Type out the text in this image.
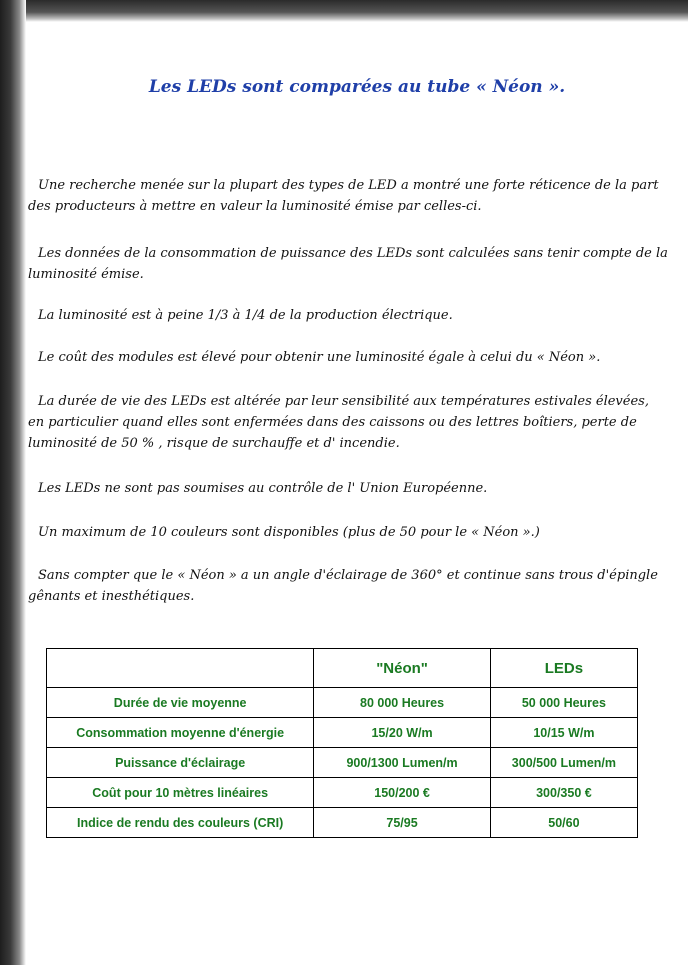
Les LEDs sont comparées au tube « Néon ».

Une recherche menée sur la plupart des types de LED a montré une forte réticence de la part des producteurs à mettre en valeur la luminosité émise par celles-ci.

Les données de la consommation de puissance des LEDs sont calculées sans tenir compte de la luminosité émise.

La luminosité est à peine 1/3 à 1/4 de la production électrique.

Le coût des modules est élevé pour obtenir une luminosité égale à celui du « Néon ».

La durée de vie des LEDs est altérée par leur sensibilité aux températures estivales élevées, en particulier quand elles sont enfermées dans des caissons ou des lettres boîtiers, perte de luminosité de 50 % , risque de surchauffe et d' incendie.

Les LEDs ne sont pas soumises au contrôle de l' Union Européenne.

Un maximum de 10 couleurs sont disponibles (plus de 50 pour le « Néon ».)

Sans compter que le « Néon » a un angle d'éclairage de 360° et continue sans trous d'épingle gênants et inesthétiques.

	"Néon"	LEDs
Durée de vie moyenne	80 000 Heures	50 000 Heures
Consommation moyenne d'énergie	15/20 W/m	10/15 W/m
Puissance d'éclairage	900/1300 Lumen/m	300/500 Lumen/m
Coût pour 10 mètres linéaires	150/200 €	300/350 €
Indice de rendu des couleurs (CRI)	75/95	50/60
